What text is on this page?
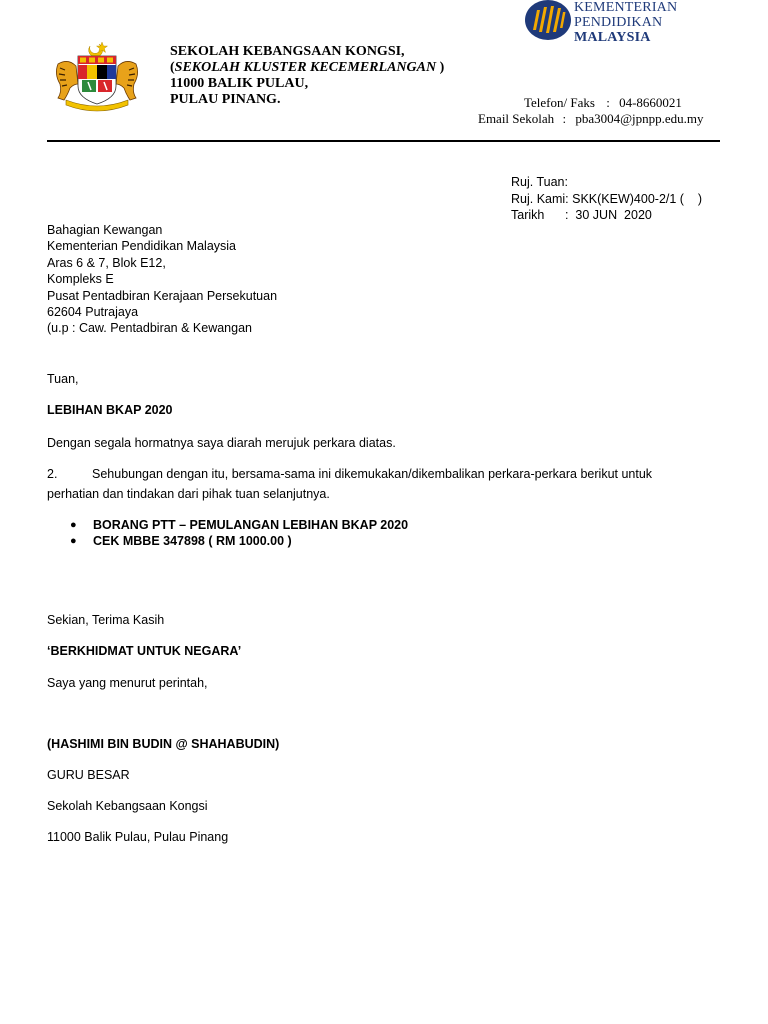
SEKOLAH KEBANGSAAN KONGSI,
(SEKOLAH KLUSTER KECEMERLANGAN )
11000 BALIK PULAU,
PULAU PINANG.
KEMENTERIAN
PENDIDIKAN
MALAYSIA
Telefon/ Faks : 04-8660021
Email Sekolah : pba3004@jpnpp.edu.my
Ruj. Tuan:
Ruj. Kami: SKK(KEW)400-2/1 (    )
Tarikh :  30 JUN  2020
Bahagian Kewangan
Kementerian Pendidikan Malaysia
Aras 6 & 7, Blok E12,
Kompleks E
Pusat Pentadbiran Kerajaan Persekutuan
62604 Putrajaya
(u.p : Caw. Pentadbiran & Kewangan
Tuan,
LEBIHAN BKAP 2020
Dengan segala hormatnya saya diarah merujuk perkara diatas.
2.	Sehubungan dengan itu, bersama-sama ini dikemukakan/dikembalikan perkara-perkara berikut untuk
perhatian dan tindakan dari pihak tuan selanjutnya.
●	BORANG PTT – PEMULANGAN LEBIHAN BKAP 2020
●	CEK MBBE 347898 ( RM 1000.00 )
Sekian, Terima Kasih
‘BERKHIDMAT UNTUK NEGARA’
Saya yang menurut perintah,
(HASHIMI BIN BUDIN @ SHAHABUDIN)
GURU BESAR
Sekolah Kebangsaan Kongsi
11000 Balik Pulau, Pulau Pinang
